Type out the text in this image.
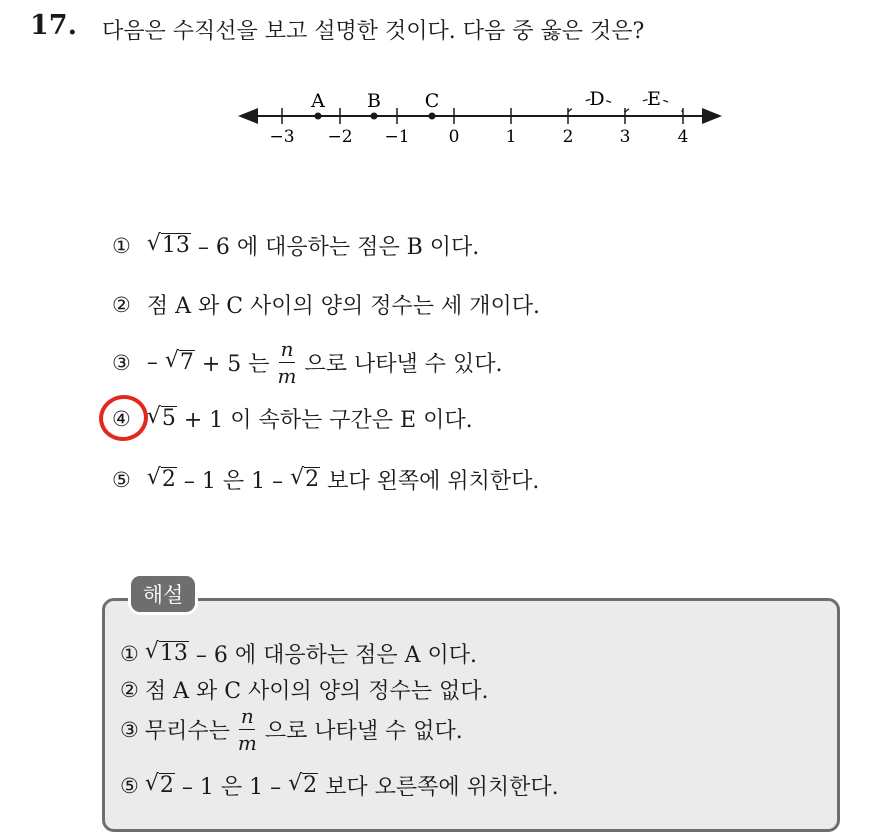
17. 다음은 수직선을 보고 설명한 것이다. 다음 중 옳은 것은?
−3 −2 −1 0	1	2	3	4
A B C	D E
① √ 13 – 6 에 대응하는 점은 B 이다.
② 점 A 와 C 사이의 양의 정수는 세 개이다.
③ – √ 7 + 5 는 $\frac{n}{m}$ 으로 나타낼 수 있다.
④ √ 5 + 1 이 속하는 구간은 E 이다.
⑤ √ 2 – 1 은 1 – √ 2 보다 왼쪽에 위치한다.
해설
① √ 13 – 6 에 대응하는 점은 A 이다.
② 점 A 와 C 사이의 양의 정수는 없다.
③ 무리수는 $\frac{n}{m}$ 으로 나타낼 수 없다.
⑤ √ 2 – 1 은 1 – √ 2 보다 오른쪽에 위치한다.
